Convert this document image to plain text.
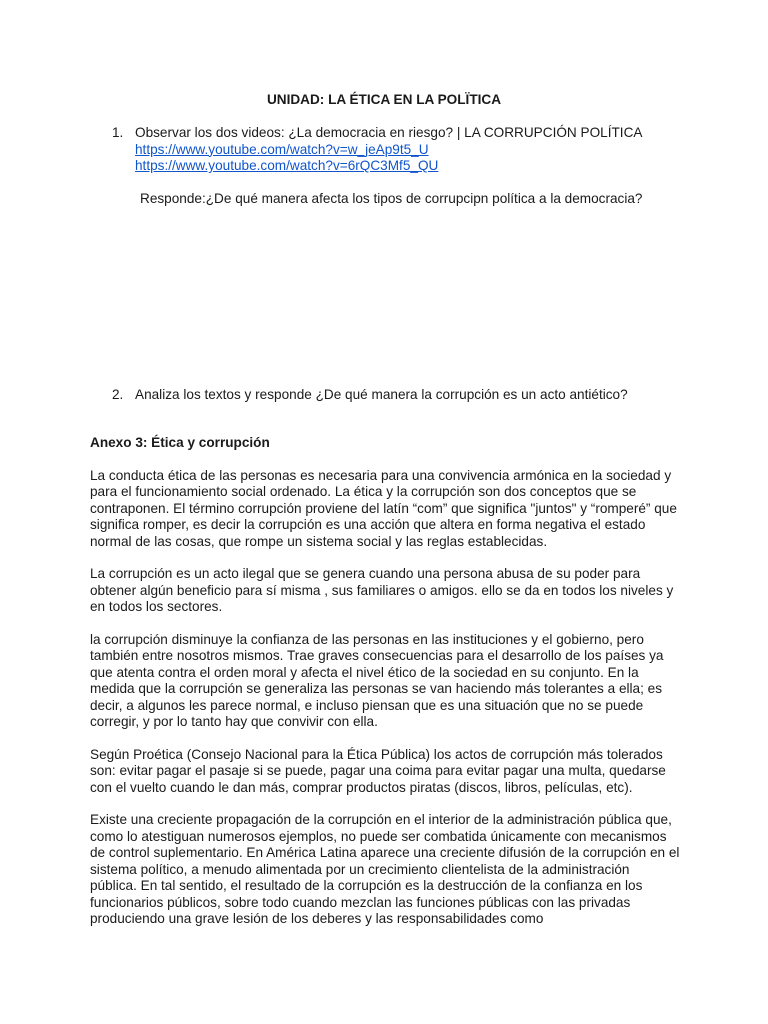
UNIDAD: LA ÉTICA EN LA POLÏTICA
1. Observar los dos videos: ¿La democracia en riesgo? | LA CORRUPCIÓN POLÍTICA
https://www.youtube.com/watch?v=w_jeAp9t5_U
https://www.youtube.com/watch?v=6rQC3Mf5_QU
Responde:¿De qué manera afecta los tipos de corrupcipn política a la democracia?
2. Analiza los textos y responde ¿De qué manera la corrupción es un acto antiético?
Anexo 3: Ética y corrupción

La conducta ética de las personas es necesaria para una convivencia armónica en la sociedad y para el funcionamiento social ordenado. La ética y la corrupción son dos conceptos que se contraponen. El término corrupción proviene del latín “com” que significa "juntos" y “romperé” que significa romper, es decir la corrupción es una acción que altera en forma negativa el estado normal de las cosas, que rompe un sistema social y las reglas establecidas.

La corrupción es un acto ilegal que se genera cuando una persona abusa de su poder para obtener algún beneficio para sí misma , sus familiares o amigos. ello se da en todos los niveles y en todos los sectores.

la corrupción disminuye la confianza de las personas en las instituciones y el gobierno, pero también entre nosotros mismos. Trae graves consecuencias para el desarrollo de los países ya que atenta contra el orden moral y afecta el nivel ético de la sociedad en su conjunto. En la medida que la corrupción se generaliza las personas se van haciendo más tolerantes a ella; es decir, a algunos les parece normal, e incluso piensan que es una situación que no se puede corregir, y por lo tanto hay que convivir con ella.

Según Proética (Consejo Nacional para la Ética Pública) los actos de corrupción más tolerados son: evitar pagar el pasaje si se puede, pagar una coima para evitar pagar una multa, quedarse con el vuelto cuando le dan más, comprar productos piratas (discos, libros, películas, etc).

Existe una creciente propagación de la corrupción en el interior de la administración pública que, como lo atestiguan numerosos ejemplos, no puede ser combatida únicamente con mecanismos de control suplementario. En América Latina aparece una creciente difusión de la corrupción en el sistema político, a menudo alimentada por un crecimiento clientelista de la administración pública. En tal sentido, el resultado de la corrupción es la destrucción de la confianza en los funcionarios públicos, sobre todo cuando mezclan las funciones públicas con las privadas produciendo una grave lesión de los deberes y las responsabilidades como
